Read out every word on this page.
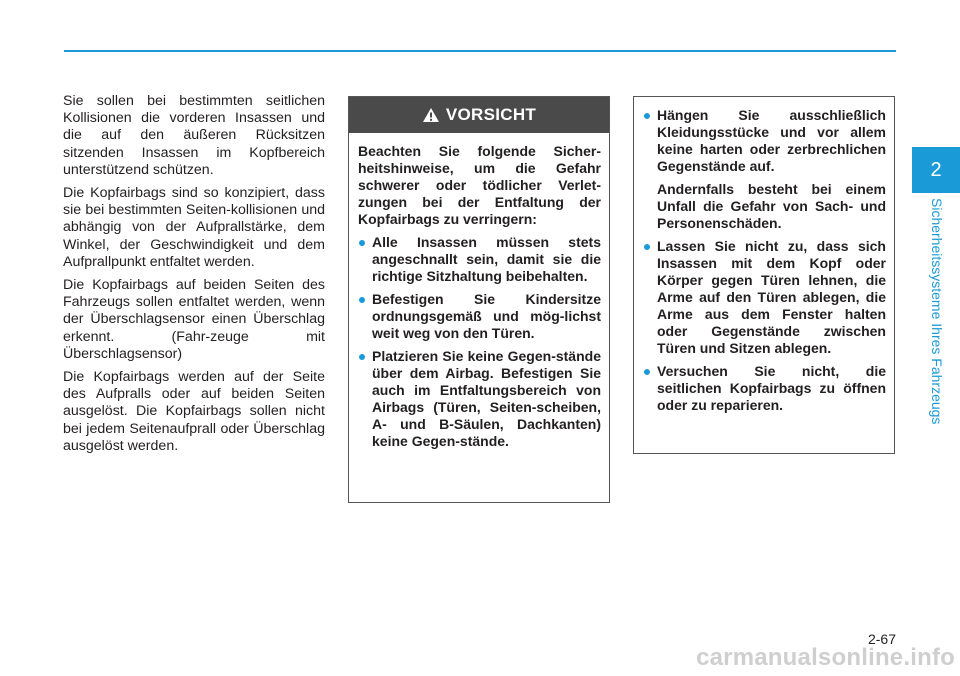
Sie sollen bei bestimmten seitlichen Kollisionen die vorderen Insassen und die auf den äußeren Rücksitzen sitzenden Insassen im Kopfbereich unterstützend schützen.

Die Kopfairbags sind so konzipiert, dass sie bei bestimmten Seiten-kollisionen und abhängig von der Aufprallstärke, dem Winkel, der Geschwindigkeit und dem Aufprallpunkt entfaltet werden.

Die Kopfairbags auf beiden Seiten des Fahrzeugs sollen entfaltet werden, wenn der Überschlagsensor einen Überschlag erkennt. (Fahr-zeuge mit Überschlagsensor)

Die Kopfairbags werden auf der Seite des Aufpralls oder auf beiden Seiten ausgelöst. Die Kopfairbags sollen nicht bei jedem Seitenaufprall oder Überschlag ausgelöst werden.

VORSICHT

Beachten Sie folgende Sicher-heitshinweise, um die Gefahr schwerer oder tödlicher Verlet-zungen bei der Entfaltung der Kopfairbags zu verringern:

Alle Insassen müssen stets angeschnallt sein, damit sie die richtige Sitzhaltung beibehalten.
Befestigen Sie Kindersitze ordnungsgemäß und mög-lichst weit weg von den Türen.
Platzieren Sie keine Gegen-stände über dem Airbag. Befestigen Sie auch im Entfaltungsbereich von Airbags (Türen, Seiten-scheiben, A- und B-Säulen, Dachkanten) keine Gegen-stände.
Hängen Sie ausschließlich Kleidungsstücke und vor allem keine harten oder zerbrechlichen Gegenstände auf.
Andernfalls besteht bei einem Unfall die Gefahr von Sach- und Personenschäden.
Lassen Sie nicht zu, dass sich Insassen mit dem Kopf oder Körper gegen Türen lehnen, die Arme auf den Türen ablegen, die Arme aus dem Fenster halten oder Gegenstände zwischen Türen und Sitzen ablegen.
Versuchen Sie nicht, die seitlichen Kopfairbags zu öffnen oder zu reparieren.
2
Sicherheitssysteme Ihres Fahrzeugs
2-67
carmanualsonline.info
